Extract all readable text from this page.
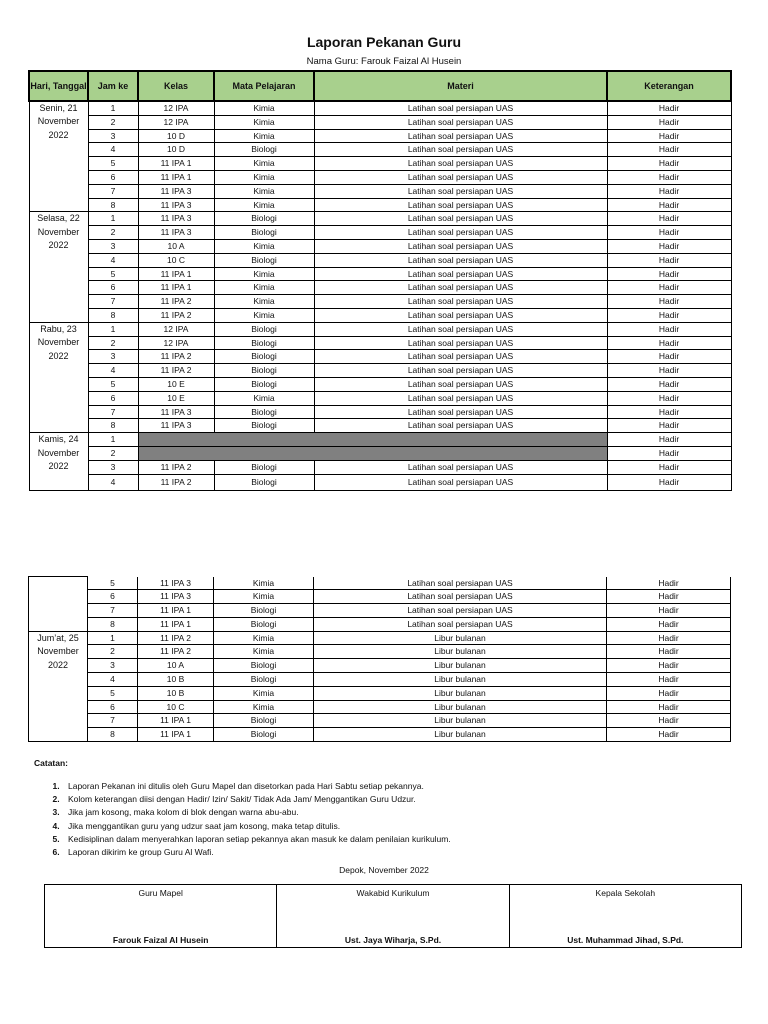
Laporan Pekanan Guru
Nama Guru: Farouk Faizal Al Husein
Hari, Tanggal	Jam ke	Kelas	Mata Pelajaran	Materi	Keterangan
Senin, 21 November 2022	1	12 IPA	Kimia	Latihan soal persiapan UAS	Hadir
	2	12 IPA	Kimia	Latihan soal persiapan UAS	Hadir
	3	10 D	Kimia	Latihan soal persiapan UAS	Hadir
	4	10 D	Biologi	Latihan soal persiapan UAS	Hadir
	5	11 IPA 1	Kimia	Latihan soal persiapan UAS	Hadir
	6	11 IPA 1	Kimia	Latihan soal persiapan UAS	Hadir
	7	11 IPA 3	Kimia	Latihan soal persiapan UAS	Hadir
	8	11 IPA 3	Kimia	Latihan soal persiapan UAS	Hadir
Selasa, 22 November 2022	1	11 IPA 3	Biologi	Latihan soal persiapan UAS	Hadir
	2	11 IPA 3	Biologi	Latihan soal persiapan UAS	Hadir
	3	10 A	Kimia	Latihan soal persiapan UAS	Hadir
	4	10 C	Biologi	Latihan soal persiapan UAS	Hadir
	5	11 IPA 1	Kimia	Latihan soal persiapan UAS	Hadir
	6	11 IPA 1	Kimia	Latihan soal persiapan UAS	Hadir
	7	11 IPA 2	Kimia	Latihan soal persiapan UAS	Hadir
	8	11 IPA 2	Kimia	Latihan soal persiapan UAS	Hadir
Rabu, 23 November 2022	1	12 IPA	Biologi	Latihan soal persiapan UAS	Hadir
	2	12 IPA	Biologi	Latihan soal persiapan UAS	Hadir
	3	11 IPA 2	Biologi	Latihan soal persiapan UAS	Hadir
	4	11 IPA 2	Biologi	Latihan soal persiapan UAS	Hadir
	5	10 E	Biologi	Latihan soal persiapan UAS	Hadir
	6	10 E	Kimia	Latihan soal persiapan UAS	Hadir
	7	11 IPA 3	Biologi	Latihan soal persiapan UAS	Hadir
	8	11 IPA 3	Biologi	Latihan soal persiapan UAS	Hadir
Kamis, 24 November 2022	1				Hadir
	2				Hadir
	3	11 IPA 2	Biologi	Latihan soal persiapan UAS	Hadir
	4	11 IPA 2	Biologi	Latihan soal persiapan UAS	Hadir
	5	11 IPA 3	Kimia	Latihan soal persiapan UAS	Hadir
	6	11 IPA 3	Kimia	Latihan soal persiapan UAS	Hadir
	7	11 IPA 1	Biologi	Latihan soal persiapan UAS	Hadir
	8	11 IPA 1	Biologi	Latihan soal persiapan UAS	Hadir
Jum’at, 25 November 2022	1	11 IPA 2	Kimia	Libur bulanan	Hadir
	2	11 IPA 2	Kimia	Libur bulanan	Hadir
	3	10 A	Biologi	Libur bulanan	Hadir
	4	10 B	Biologi	Libur bulanan	Hadir
	5	10 B	Kimia	Libur bulanan	Hadir
	6	10 C	Kimia	Libur bulanan	Hadir
	7	11 IPA 1	Biologi	Libur bulanan	Hadir
	8	11 IPA 1	Biologi	Libur bulanan	Hadir
Catatan:
1. Laporan Pekanan ini ditulis oleh Guru Mapel dan disetorkan pada Hari Sabtu setiap pekannya.
2. Kolom keterangan diisi dengan Hadir/ Izin/ Sakit/ Tidak Ada Jam/ Menggantikan Guru Udzur.
3. Jika jam kosong, maka kolom di blok dengan warna abu-abu.
4. Jika menggantikan guru yang udzur saat jam kosong, maka tetap ditulis.
5. Kedisiplinan dalam menyerahkan laporan setiap pekannya akan masuk ke dalam penilaian kurikulum.
6. Laporan dikirim ke group Guru Al Wafi.
Depok, November 2022
Guru Mapel
Farouk Faizal Al Husein

Wakabid Kurikulum
Ust. Jaya Wiharja, S.Pd.

Kepala Sekolah
Ust. Muhammad Jihad, S.Pd.
